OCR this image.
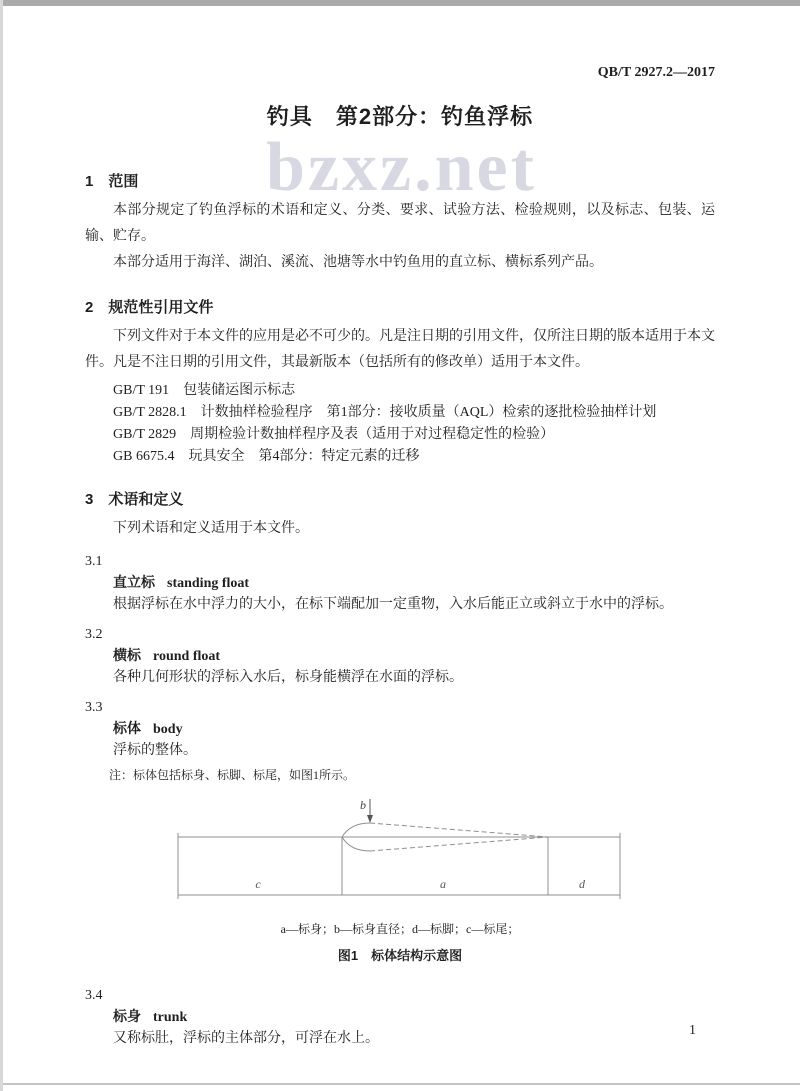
bzxz.net
QB/T 2927.2—2017
钓具　第2部分：钓鱼浮标
1　范围

本部分规定了钓鱼浮标的术语和定义、分类、要求、试验方法、检验规则，以及标志、包装、运输、贮存。

本部分适用于海洋、湖泊、溪流、池塘等水中钓鱼用的直立标、横标系列产品。

2　规范性引用文件

下列文件对于本文件的应用是必不可少的。凡是注日期的引用文件，仅所注日期的版本适用于本文件。凡是不注日期的引用文件，其最新版本（包括所有的修改单）适用于本文件。

GB/T 191　包装储运图示标志
GB/T 2828.1　计数抽样检验程序　第1部分：接收质量（AQL）检索的逐批检验抽样计划
GB/T 2829　周期检验计数抽样程序及表（适用于对过程稳定性的检验）
GB 6675.4　玩具安全　第4部分：特定元素的迁移
3　术语和定义

下列术语和定义适用于本文件。

3.1
直立标 standing float

根据浮标在水中浮力的大小，在标下端配加一定重物，入水后能正立或斜立于水中的浮标。

3.2
横标 round float

各种几何形状的浮标入水后，标身能横浮在水面的浮标。

3.3
标体 body

浮标的整体。

注：标体包括标身、标脚、标尾，如图1所示。

b
c	a	d
a—标身；b—标身直径；d—标脚；c—标尾；
图1　标体结构示意图
3.4
标身 trunk

又称标肚，浮标的主体部分，可浮在水上。

1
